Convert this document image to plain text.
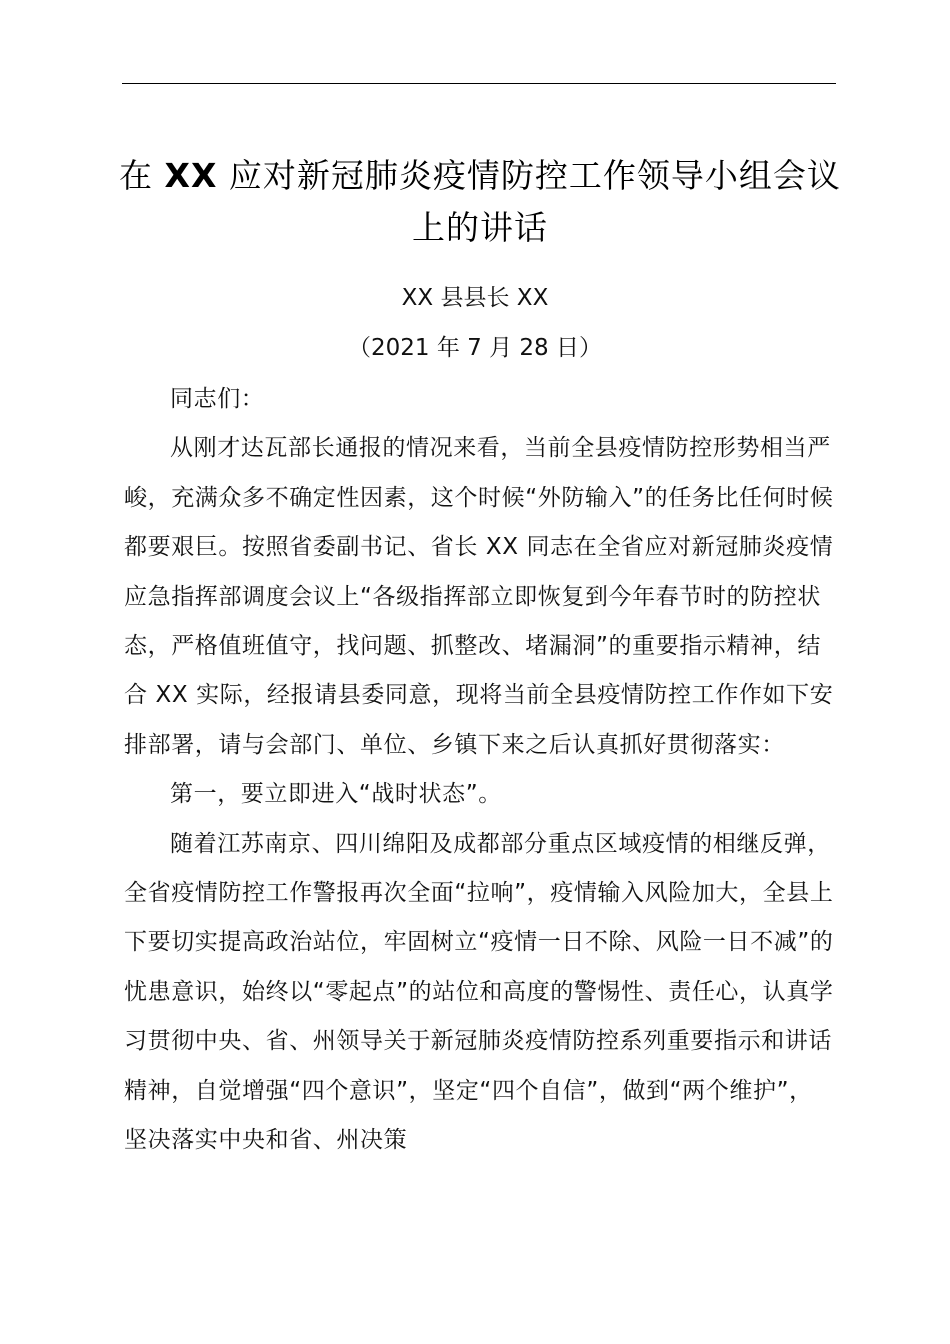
在 XX 应对新冠肺炎疫情防控工作领导小组会议上的讲话
XX 县县长 XX
（2021 年 7 月 28 日）

同志们：

从刚才达瓦部长通报的情况来看，当前全县疫情防控形势相当严峻，充满众多不确定性因素，这个时候“外防输入”的任务比任何时候都要艰巨。按照省委副书记、省长 XX 同志在全省应对新冠肺炎疫情应急指挥部调度会议上“各级指挥部立即恢复到今年春节时的防控状态，严格值班值守，找问题、抓整改、堵漏洞”的重要指示精神，结合 XX 实际，经报请县委同意，现将当前全县疫情防控工作作如下安排部署，请与会部门、单位、乡镇下来之后认真抓好贯彻落实：

第一，要立即进入“战时状态”。

随着江苏南京、四川绵阳及成都部分重点区域疫情的相继反弹，全省疫情防控工作警报再次全面“拉响”，疫情输入风险加大，全县上下要切实提高政治站位，牢固树立“疫情一日不除、风险一日不减”的忧患意识，始终以“零起点”的站位和高度的警惕性、责任心，认真学习贯彻中央、省、州领导关于新冠肺炎疫情防控系列重要指示和讲话精神，自觉增强“四个意识”，坚定“四个自信”，做到“两个维护”，坚决落实中央和省、州决策
